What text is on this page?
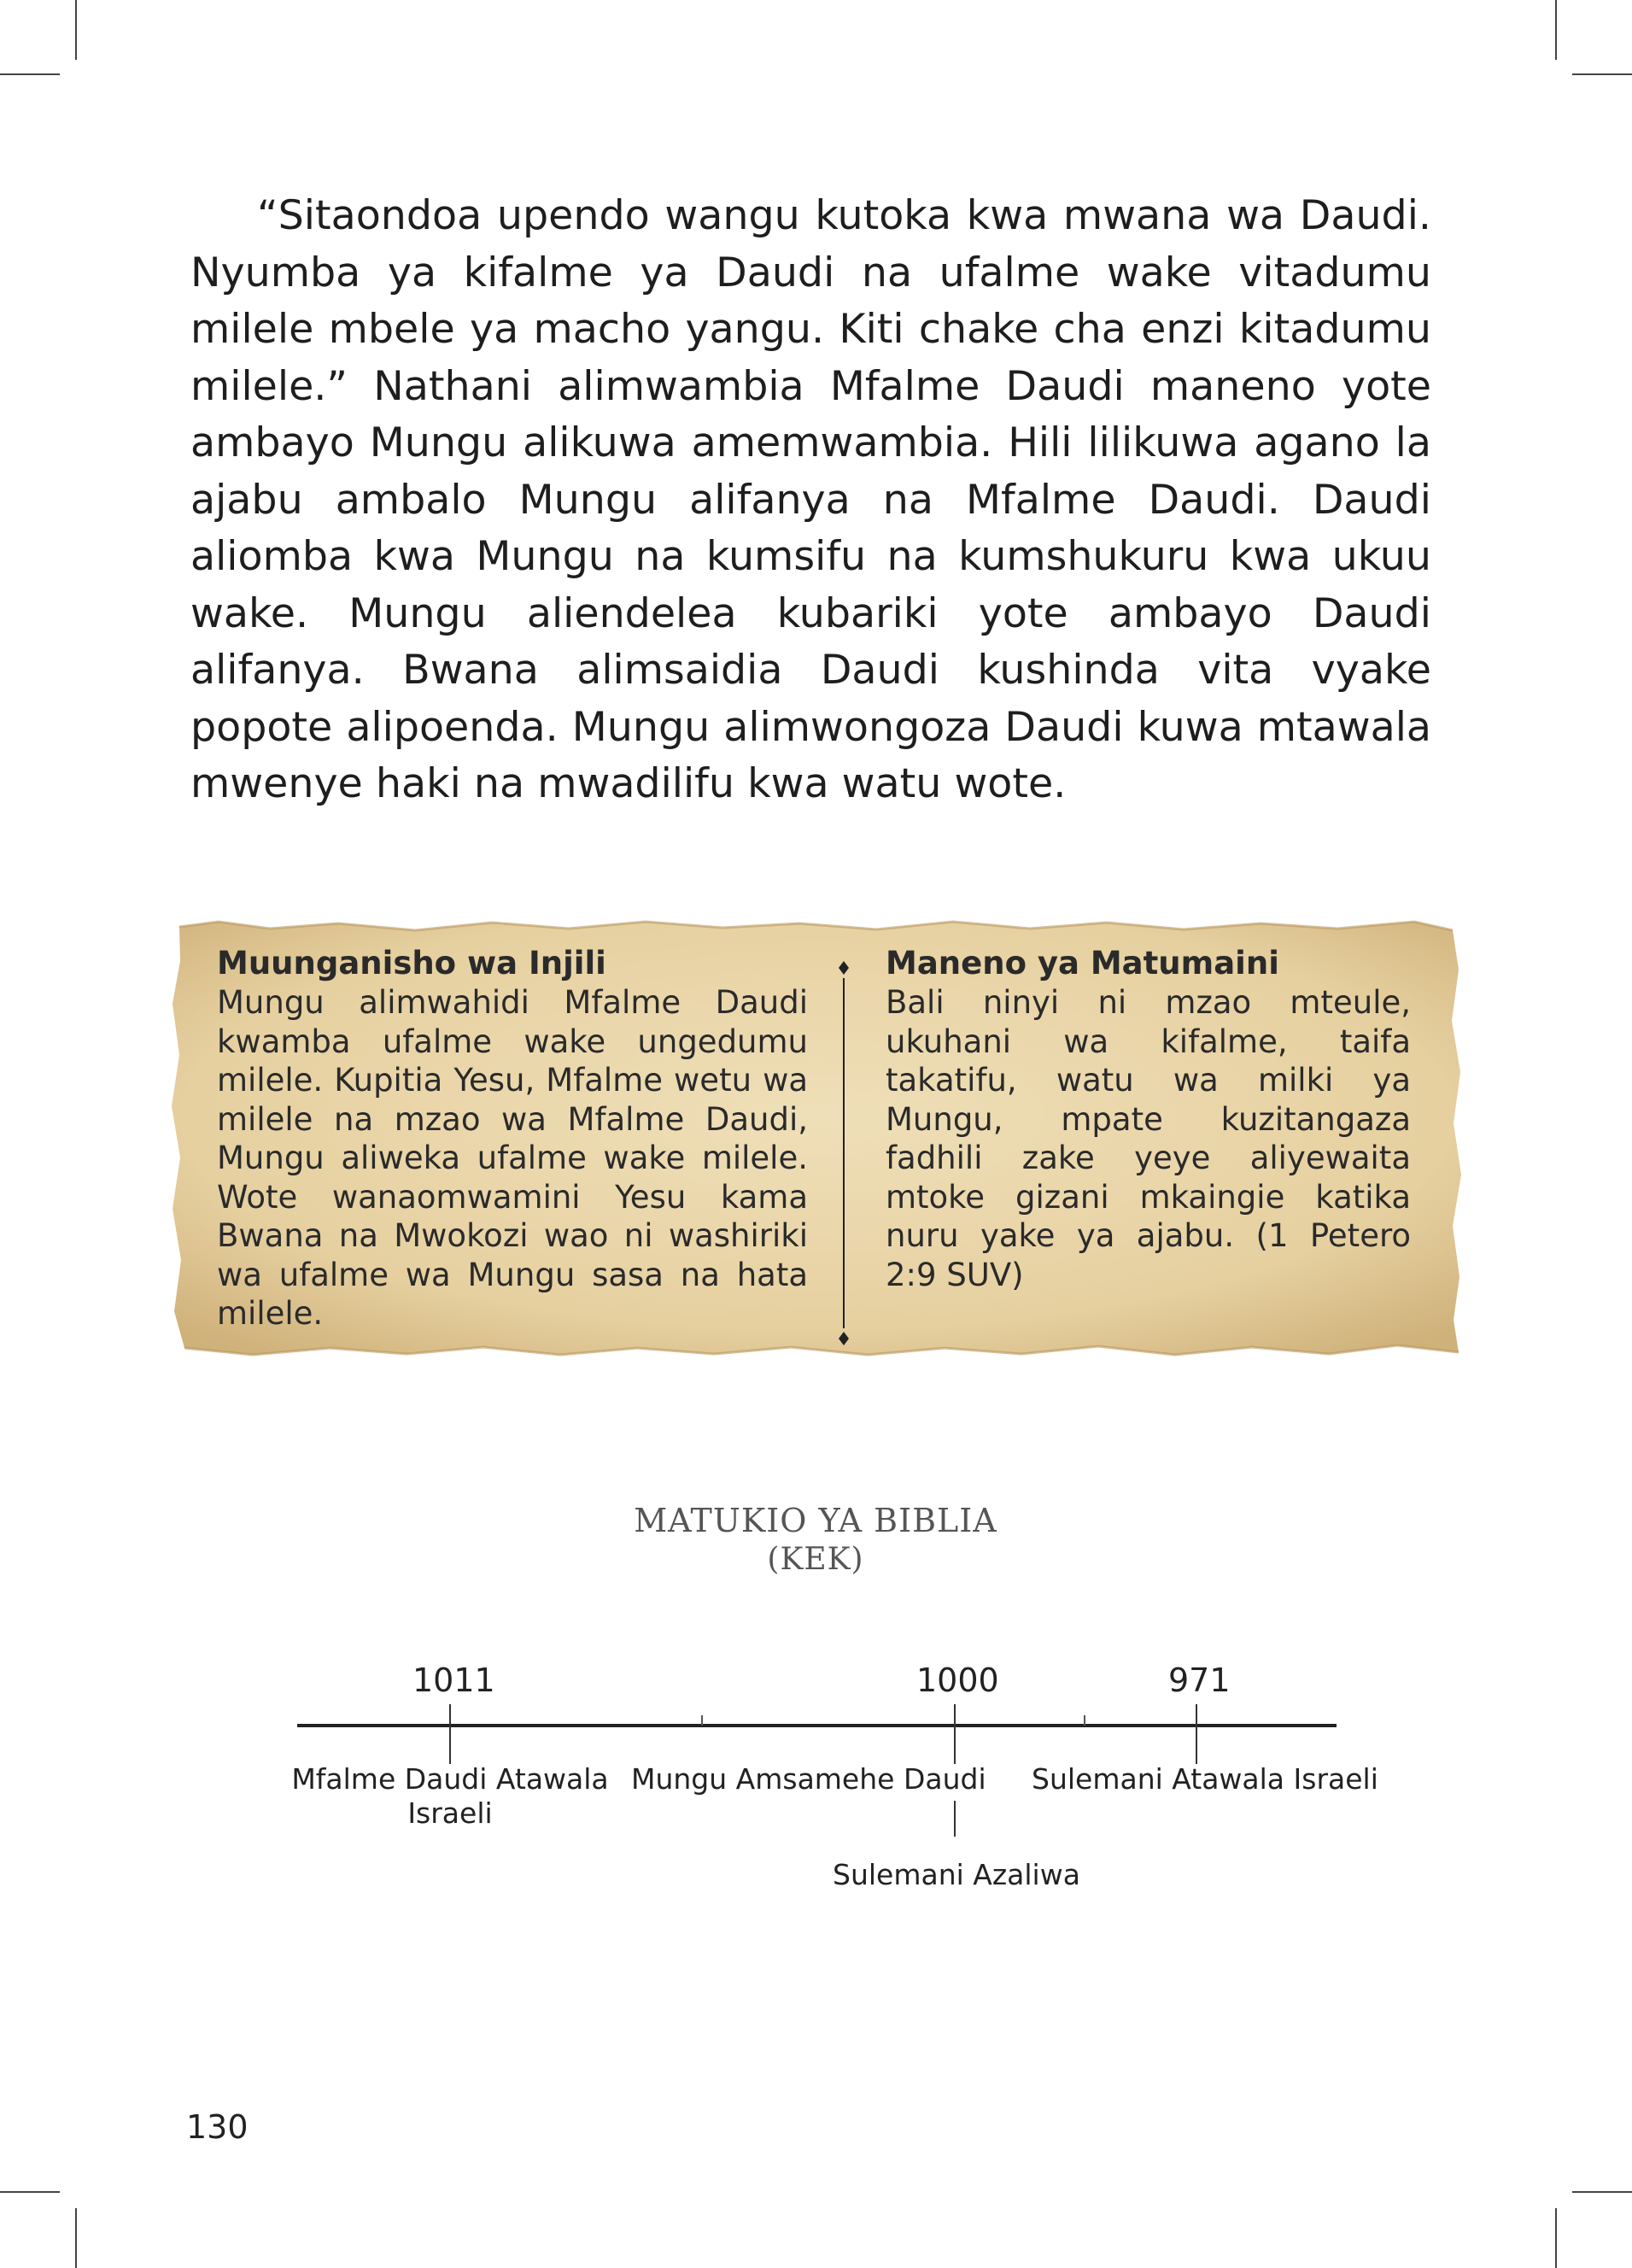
“Sitaondoa upendo wangu kutoka kwa mwana wa Daudi. Nyumba ya kifalme ya Daudi na ufalme wake vitadumu milele mbele ya macho yangu. Kiti chake cha enzi kitadumu milele.” Nathani alimwambia Mfalme Daudi maneno yote ambayo Mungu alikuwa amemwambia. Hili lilikuwa agano la ajabu ambalo Mungu alifanya na Mfalme Daudi. Daudi aliomba kwa Mungu na kumsifu na kumshukuru kwa ukuu wake. Mungu aliendelea kubariki yote ambayo Daudi alifanya. Bwana alimsaidia Daudi kushinda vita vyake popote alipoenda. Mungu alimwongoza Daudi kuwa mtawala mwenye haki na mwadilifu kwa watu wote.

Muunganisho wa Injili

Mungu alimwahidi Mfalme Daudi kwamba ufalme wake ungedumu milele. Kupitia Yesu, Mfalme wetu wa milele na mzao wa Mfalme Daudi, Mungu aliweka ufalme wake milele. Wote wanaomwamini Yesu kama Bwana na Mwokozi wao ni washiriki wa ufalme wa Mungu sasa na hata milele.

Maneno ya Matumaini

Bali ninyi ni mzao mteule, ukuhani wa kifalme, taifa takatifu, watu wa milki ya Mungu, mpate kuzitangaza fadhili zake yeye aliyewaita mtoke gizani mkaingie katika nuru yake ya ajabu. (1 Petero 2:9 SUV)

MATUKIO YA BIBLIA
(KEK)
1011	1000	971
Mfalme Daudi Atawala
Israeli
Mungu Amsamehe Daudi
Sulemani Azaliwa
Sulemani Atawala Israeli
130
